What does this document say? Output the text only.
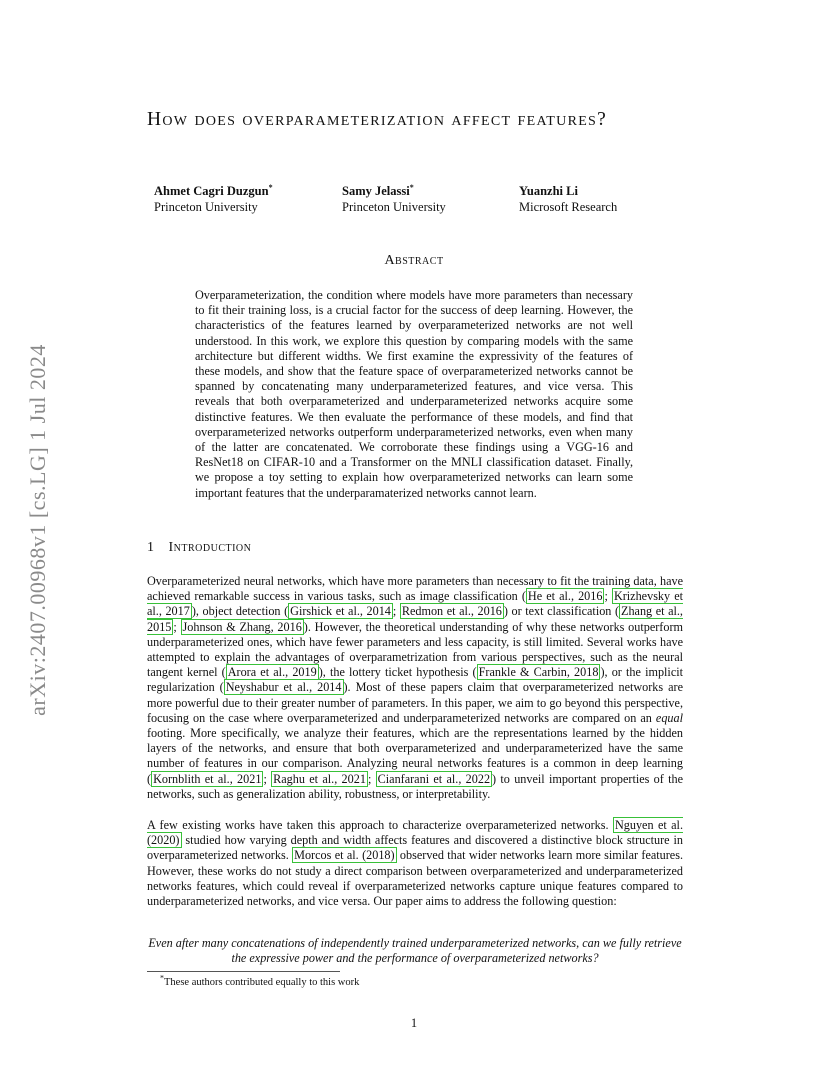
arXiv:2407.00968v1 [cs.LG] 1 Jul 2024
How does overparameterization affect features?
Ahmet Cagri Duzgun*
Princeton University
Samy Jelassi*
Princeton University
Yuanzhi Li
Microsoft Research
Abstract

Overparameterization, the condition where models have more parameters than necessary to fit their training loss, is a crucial factor for the success of deep learning. However, the characteristics of the features learned by overparameterized networks are not well understood. In this work, we explore this question by comparing models with the same architecture but different widths. We first examine the expressivity of the features of these models, and show that the feature space of overparameterized networks cannot be spanned by concatenating many underparameterized features, and vice versa. This reveals that both overparameterized and underparameterized networks acquire some distinctive features. We then evaluate the performance of these models, and find that overparameterized networks outperform underparameterized networks, even when many of the latter are concatenated. We corroborate these findings using a VGG-16 and ResNet18 on CIFAR-10 and a Transformer on the MNLI classification dataset. Finally, we propose a toy setting to explain how overparameterized networks can learn some important features that the underparamaterized networks cannot learn.

1 Introduction

Overparameterized neural networks, which have more parameters than necessary to fit the training data, have achieved remarkable success in various tasks, such as image classification ( He et al., 2016 ; Krizhevsky et al., 2017 ), object detection ( Girshick et al., 2014 ; Redmon et al., 2016 ) or text classification ( Zhang et al., 2015 ; Johnson & Zhang, 2016 ). However, the theoretical understanding of why these networks outperform underparameterized ones, which have fewer parameters and less capacity, is still limited. Several works have attempted to explain the advantages of overparametrization from various perspectives, such as the neural tangent kernel ( Arora et al., 2019 ), the lottery ticket hypothesis ( Frankle & Carbin, 2018 ), or the implicit regularization ( Neyshabur et al., 2014 ). Most of these papers claim that overparameterized networks are more powerful due to their greater number of parameters. In this paper, we aim to go beyond this perspective, focusing on the case where overparameterized and underparameterized networks are compared on an equal footing. More specifically, we analyze their features, which are the representations learned by the hidden layers of the networks, and ensure that both overparameterized and underparameterized have the same number of features in our comparison. Analyzing neural networks features is a common in deep learning ( Kornblith et al., 2021 ; Raghu et al., 2021 ; Cianfarani et al., 2022 ) to unveil important properties of the networks, such as generalization ability, robustness, or interpretability.

A few existing works have taken this approach to characterize overparameterized networks. Nguyen et al. (2020) studied how varying depth and width affects features and discovered a distinctive block structure in overparameterized networks. Morcos et al. (2018) observed that wider networks learn more similar features. However, these works do not study a direct comparison between overparameterized and underparameterized networks features, which could reveal if overparameterized networks capture unique features compared to underparameterized networks, and vice versa. Our paper aims to address the following question:

Even after many concatenations of independently trained underparameterized networks, can we fully retrieve the expressive power and the performance of overparameterized networks?

*These authors contributed equally to this work
1
